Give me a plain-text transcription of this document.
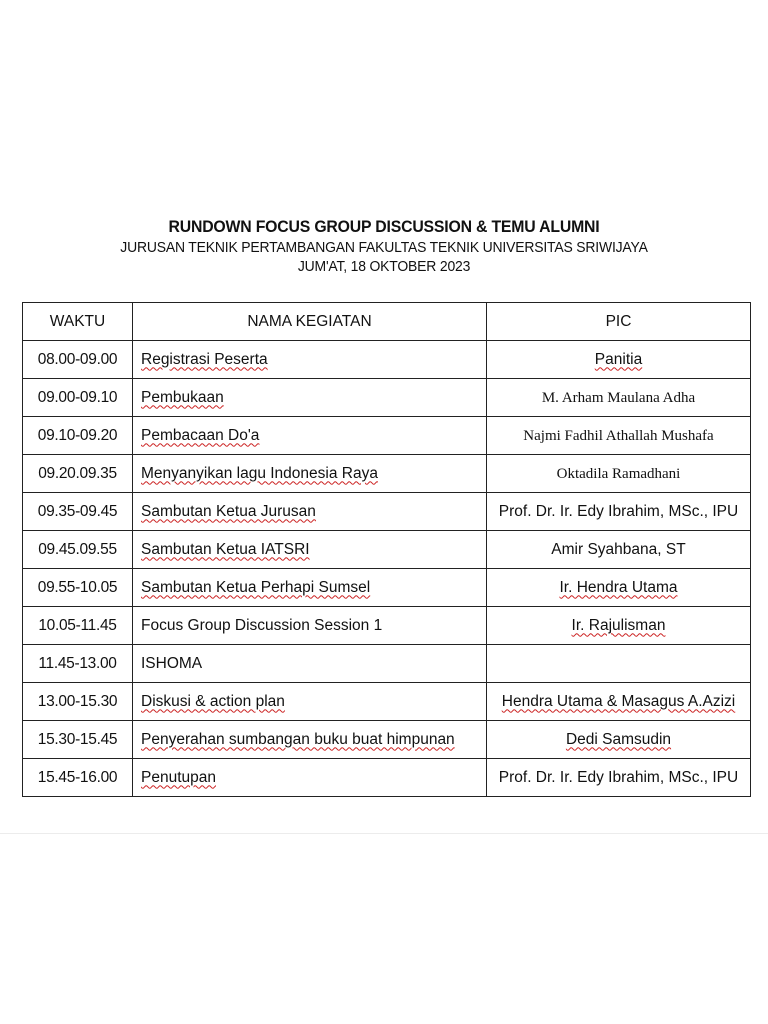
RUNDOWN FOCUS GROUP DISCUSSION & TEMU ALUMNI
JURUSAN TEKNIK PERTAMBANGAN FAKULTAS TEKNIK UNIVERSITAS SRIWIJAYA
JUM'AT, 18 OKTOBER 2023
WAKTU	NAMA KEGIATAN	PIC
08.00-09.00	Registrasi Peserta	Panitia
09.00-09.10	Pembukaan	M. Arham Maulana Adha
09.10-09.20	Pembacaan Do'a	Najmi Fadhil Athallah Mushafa
09.20.09.35	Menyanyikan lagu Indonesia Raya	Oktadila Ramadhani
09.35-09.45	Sambutan Ketua Jurusan	Prof. Dr. Ir. Edy Ibrahim, MSc., IPU
09.45.09.55	Sambutan Ketua IATSRI	Amir Syahbana, ST
09.55-10.05	Sambutan Ketua Perhapi Sumsel	Ir. Hendra Utama
10.05-11.45	Focus Group Discussion Session 1	Ir. Rajulisman
11.45-13.00	ISHOMA	
13.00-15.30	Diskusi & action plan	Hendra Utama & Masagus A.Azizi
15.30-15.45	Penyerahan sumbangan buku buat himpunan	Dedi Samsudin
15.45-16.00	Penutupan	Prof. Dr. Ir. Edy Ibrahim, MSc., IPU
